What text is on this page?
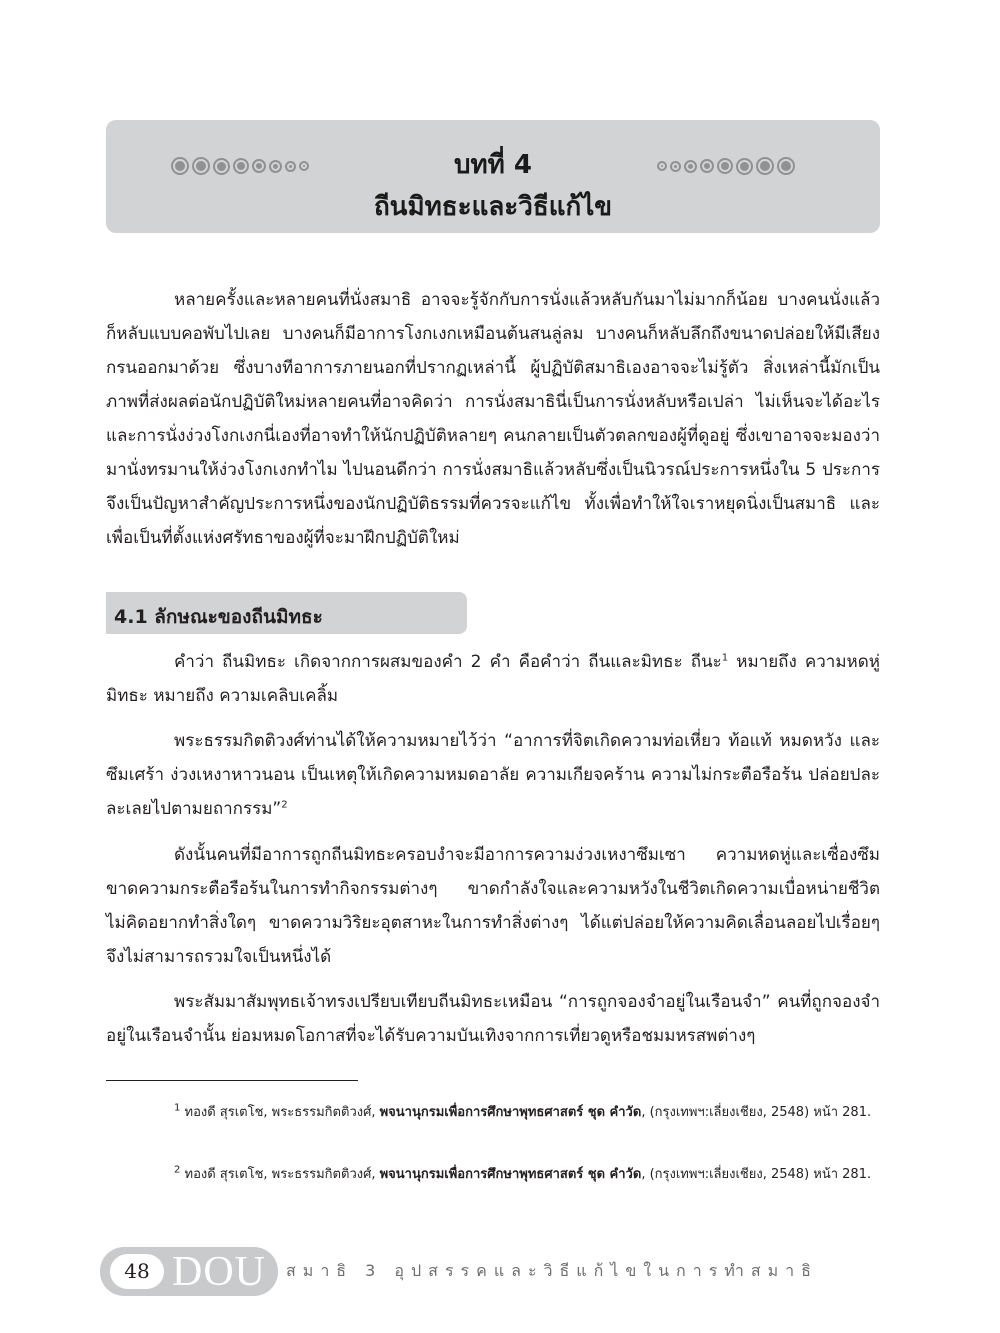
บทที่ 4
ถีนมิทธะและวิธีแก้ไข

หลายครั้งและหลายคนที่นั่งสมาธิ อาจจะรู้จักกับการนั่งแล้วหลับกันมาไม่มากก็น้อย บางคนนั่งแล้วก็หลับแบบคอพับไปเลย บางคนก็มีอาการโงกเงกเหมือนต้นสนลู่ลม บางคนก็หลับลึกถึงขนาดปล่อยให้มีเสียงกรนออกมาด้วย ซึ่งบางทีอาการภายนอกที่ปรากฏเหล่านี้ ผู้ปฏิบัติสมาธิเองอาจจะไม่รู้ตัว สิ่งเหล่านี้มักเป็นภาพที่ส่งผลต่อนักปฏิบัติใหม่หลายคนที่อาจคิดว่า การนั่งสมาธินี่เป็นการนั่งหลับหรือเปล่า ไม่เห็นจะได้อะไร และการนั่งง่วงโงกเงกนี่เองที่อาจทำให้นักปฏิบัติหลายๆ คนกลายเป็นตัวตลกของผู้ที่ดูอยู่ ซึ่งเขาอาจจะมองว่ามานั่งทรมานให้ง่วงโงกเงกทำไม ไปนอนดีกว่า การนั่งสมาธิแล้วหลับซึ่งเป็นนิวรณ์ประการหนึ่งใน 5 ประการ จึงเป็นปัญหาสำคัญประการหนึ่งของนักปฏิบัติธรรมที่ควรจะแก้ไข ทั้งเพื่อทำให้ใจเราหยุดนิ่งเป็นสมาธิ และเพื่อเป็นที่ตั้งแห่งศรัทธาของผู้ที่จะมาฝึกปฏิบัติใหม่

4.1 ลักษณะของถีนมิทธะ

คำว่า ถีนมิทธะ เกิดจากการผสมของคำ 2 คำ คือคำว่า ถีนและมิทธะ ถีนะ$^1$ หมายถึง ความหดหู่ มิทธะ หมายถึง ความเคลิบเคลิ้ม

พระธรรมกิตติวงศ์ท่านได้ให้ความหมายไว้ว่า “อาการที่จิตเกิดความท่อเหี่ยว ท้อแท้ หมดหวัง และซึมเศร้า ง่วงเหงาหาวนอน เป็นเหตุให้เกิดความหมดอาลัย ความเกียจคร้าน ความไม่กระตือรือร้น ปล่อยปละละเลยไปตามยถากรรม”$^2$

ดังนั้นคนที่มีอาการถูกถีนมิทธะครอบงำจะมีอาการความง่วงเหงาซึมเซา ความหดหู่และเซื่องซึม ขาดความกระตือรือร้นในการทำกิจกรรมต่างๆ ขาดกำลังใจและความหวังในชีวิตเกิดความเบื่อหน่ายชีวิต ไม่คิดอยากทำสิ่งใดๆ ขาดความวิริยะอุตสาหะในการทำสิ่งต่างๆ ได้แต่ปล่อยให้ความคิดเลื่อนลอยไปเรื่อยๆ จึงไม่สามารถรวมใจเป็นหนึ่งได้

พระสัมมาสัมพุทธเจ้าทรงเปรียบเทียบถีนมิทธะเหมือน “การถูกจองจำอยู่ในเรือนจำ” คนที่ถูกจองจำอยู่ในเรือนจำนั้น ย่อมหมดโอกาสที่จะได้รับความบันเทิงจากการเที่ยวดูหรือชมมหรสพต่างๆ

$^1$ ทองดี สุรเตโช, พระธรรมกิตติวงศ์, พจนานุกรมเพื่อการศึกษาพุทธศาสตร์ ชุด คำวัด, (กรุงเทพฯ:เลี่ยงเชียง, 2548) หน้า 281.

$^2$ ทองดี สุรเตโช, พระธรรมกิตติวงศ์, พจนานุกรมเพื่อการศึกษาพุทธศาสตร์ ชุด คำวัด, (กรุงเทพฯ:เลี่ยงเชียง, 2548) หน้า 281.

48 DOU สมาธิ 3 อุปสรรคและวิธีแก้ไขในการทำสมาธิ
